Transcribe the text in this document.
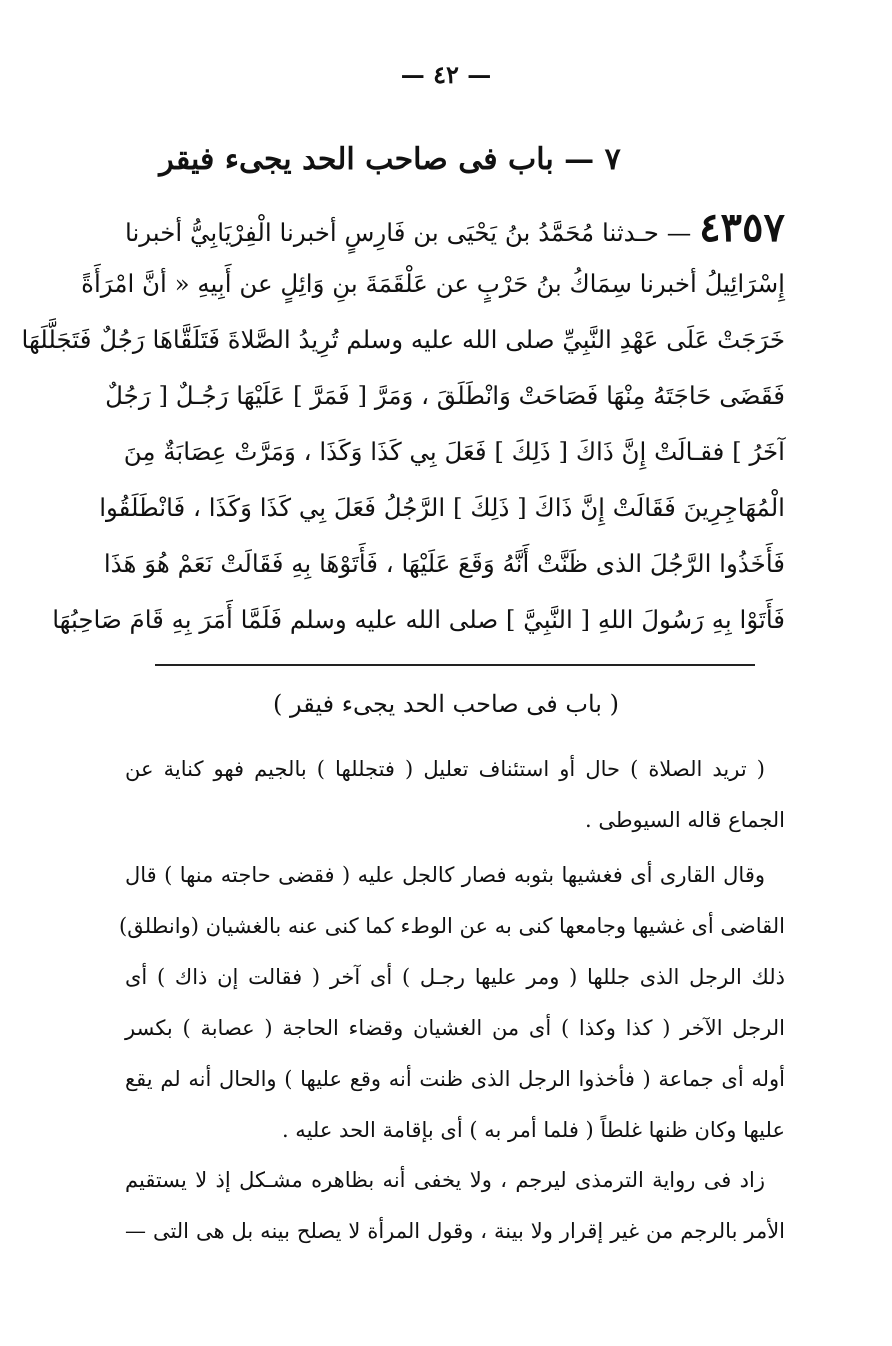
— ٤٢ —
٧ — باب فى صاحب الحد يجىء فيقر
٤٣٥٧ — حـدثنا مُحَمَّدُ بنُ يَحْيَى بن فَارِسٍ أخبرنا الْفِرْيَابِيُّ أخبرنا
إِسْرَائِيلُ أخبرنا سِمَاكُ بنُ حَرْبٍ عن عَلْقَمَةَ بنِ وَائِلٍ عن أَبِيهِ « أنَّ امْرَأَةً
خَرَجَتْ عَلَى عَهْدِ النَّبِيِّ صلى الله عليه وسلم تُرِيدُ الصَّلاةَ فَتَلَقَّاهَا رَجُلٌ فَتَجَلَّلَهَا
فَقَضَى حَاجَتَهُ مِنْهَا فَصَاحَتْ وَانْطَلَقَ ، وَمَرَّ [ فَمَرَّ ] عَلَيْهَا رَجُـلٌ [ رَجُلٌ
آخَرُ ] فقـالَتْ إِنَّ ذَاكَ [ ذَلِكَ ] فَعَلَ بِي كَذَا وَكَذَا ، وَمَرَّتْ عِصَابَةٌ مِنَ
الْمُهَاجِرِينَ فَقَالَتْ إِنَّ ذَاكَ [ ذَلِكَ ] الرَّجُلُ فَعَلَ بِي كَذَا وَكَذَا ، فَانْطَلَقُوا
فَأَخَذُوا الرَّجُلَ الذى ظَنَّتْ أَنَّهُ وَقَعَ عَلَيْهَا ، فَأَتَوْهَا بِهِ فَقَالَتْ نَعَمْ هُوَ هَذَا
فَأَتَوْا بِهِ رَسُولَ اللهِ [ النَّبِيَّ ] صلى الله عليه وسلم فَلَمَّا أَمَرَ بِهِ قَامَ صَاحِبُهَا
( باب فى صاحب الحد يجىء فيقر )
( تريد الصلاة ) حال أو استئناف تعليل ( فتجللها ) بالجيم فهو كناية عن
الجماع قاله السيوطى .
وقال القارى أى فغشيها بثوبه فصار كالجل عليه ( فقضى حاجته منها ) قال
القاضى أى غشيها وجامعها كنى به عن الوطء كما كنى عنه بالغشيان (وانطلق)
ذلك الرجل الذى جللها ( ومر عليها رجـل ) أى آخر ( فقالت إن ذاك ) أى
الرجل الآخر ( كذا وكذا ) أى من الغشيان وقضاء الحاجة ( عصابة ) بكسر
أوله أى جماعة ( فأخذوا الرجل الذى ظنت أنه وقع عليها ) والحال أنه لم يقع
عليها وكان ظنها غلطاً ( فلما أمر به ) أى بإقامة الحد عليه .
زاد فى رواية الترمذى ليرجم ، ولا يخفى أنه بظاهره مشـكل إذ لا يستقيم
الأمر بالرجم من غير إقرار ولا بينة ، وقول المرأة لا يصلح بينه بل هى التى —
